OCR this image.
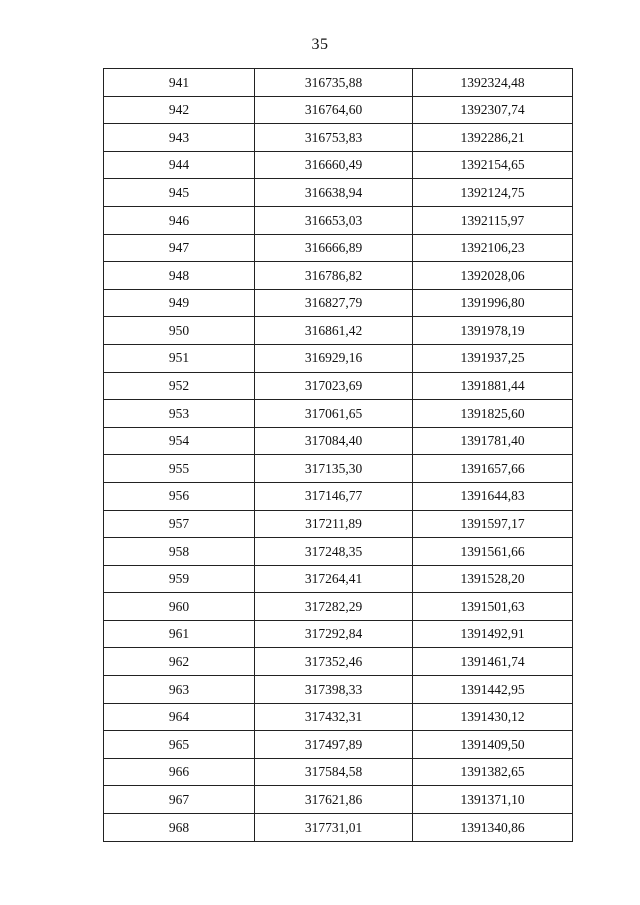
35
941	316735,88	1392324,48
942	316764,60	1392307,74
943	316753,83	1392286,21
944	316660,49	1392154,65
945	316638,94	1392124,75
946	316653,03	1392115,97
947	316666,89	1392106,23
948	316786,82	1392028,06
949	316827,79	1391996,80
950	316861,42	1391978,19
951	316929,16	1391937,25
952	317023,69	1391881,44
953	317061,65	1391825,60
954	317084,40	1391781,40
955	317135,30	1391657,66
956	317146,77	1391644,83
957	317211,89	1391597,17
958	317248,35	1391561,66
959	317264,41	1391528,20
960	317282,29	1391501,63
961	317292,84	1391492,91
962	317352,46	1391461,74
963	317398,33	1391442,95
964	317432,31	1391430,12
965	317497,89	1391409,50
966	317584,58	1391382,65
967	317621,86	1391371,10
968	317731,01	1391340,86
